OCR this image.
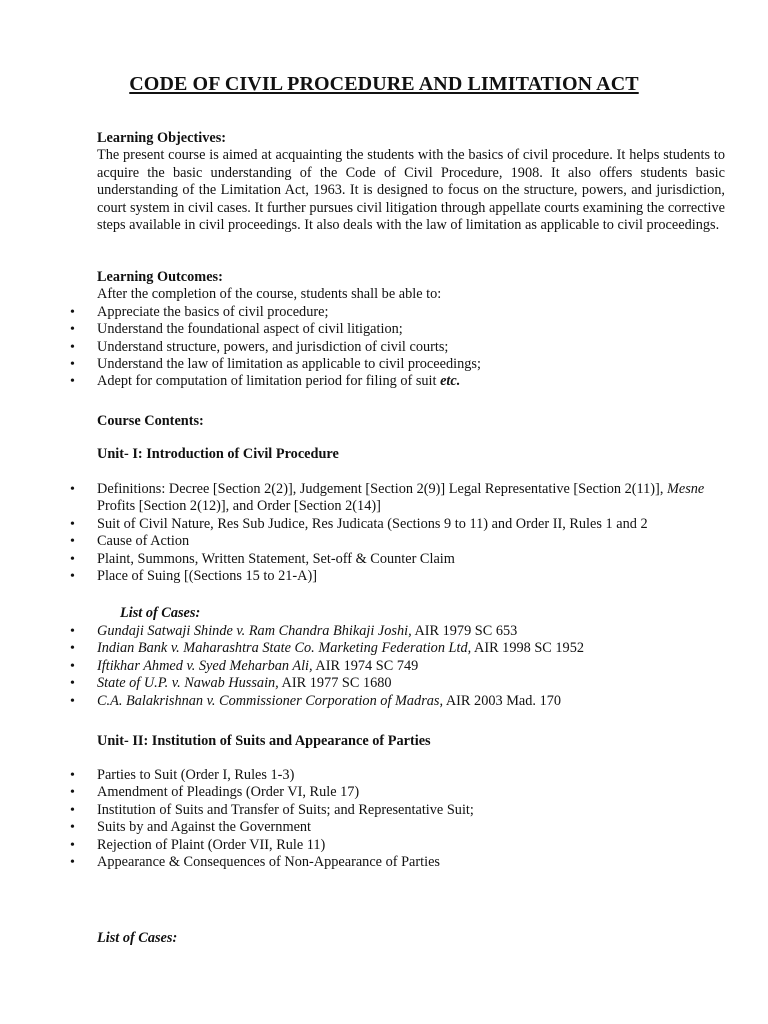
CODE OF CIVIL PROCEDURE AND LIMITATION ACT
Learning Objectives:
The present course is aimed at acquainting the students with the basics of civil procedure. It helps students to acquire the basic understanding of the Code of Civil Procedure, 1908. It also offers students basic understanding of the Limitation Act, 1963. It is designed to focus on the structure, powers, and jurisdiction, court system in civil cases. It further pursues civil litigation through appellate courts examining the corrective steps available in civil proceedings. It also deals with the law of limitation as applicable to civil proceedings.
Learning Outcomes:
After the completion of the course, students shall be able to:
• Appreciate the basics of civil procedure;
• Understand the foundational aspect of civil litigation;
• Understand structure, powers, and jurisdiction of civil courts;
• Understand the law of limitation as applicable to civil proceedings;
• Adept for computation of limitation period for filing of suit etc.
Course Contents:
Unit- I: Introduction of Civil Procedure
• Definitions: Decree [Section 2(2)], Judgement [Section 2(9)] Legal Representative [Section 2(11)], Mesne Profits [Section 2(12)], and Order [Section 2(14)]
• Suit of Civil Nature, Res Sub Judice, Res Judicata (Sections 9 to 11) and Order II, Rules 1 and 2
• Cause of Action
• Plaint, Summons, Written Statement, Set-off & Counter Claim
• Place of Suing [(Sections 15 to 21-A)]
List of Cases:
• Gundaji Satwaji Shinde v. Ram Chandra Bhikaji Joshi, AIR 1979 SC 653
• Indian Bank v. Maharashtra State Co. Marketing Federation Ltd, AIR 1998 SC 1952
• Iftikhar Ahmed v. Syed Meharban Ali, AIR 1974 SC 749
• State of U.P. v. Nawab Hussain, AIR 1977 SC 1680
• C.A. Balakrishnan v. Commissioner Corporation of Madras, AIR 2003 Mad. 170
Unit- II: Institution of Suits and Appearance of Parties
• Parties to Suit (Order I, Rules 1-3)
• Amendment of Pleadings (Order VI, Rule 17)
• Institution of Suits and Transfer of Suits; and Representative Suit;
• Suits by and Against the Government
• Rejection of Plaint (Order VII, Rule 11)
• Appearance & Consequences of Non-Appearance of Parties
List of Cases:
